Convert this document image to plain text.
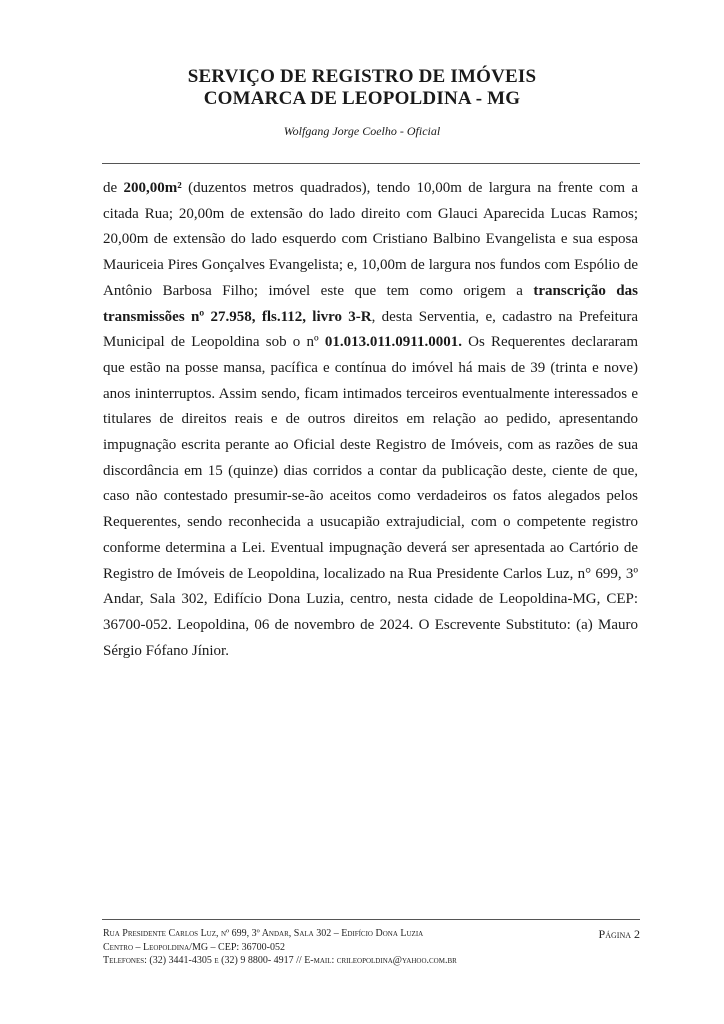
SERVIÇO DE REGISTRO DE IMÓVEIS
COMARCA DE LEOPOLDINA - MG
Wolfgang Jorge Coelho - Oficial

de 200,00m² (duzentos metros quadrados), tendo 10,00m de largura na frente com a citada Rua; 20,00m de extensão do lado direito com Glauci Aparecida Lucas Ramos; 20,00m de extensão do lado esquerdo com Cristiano Balbino Evangelista e sua esposa Mauriceia Pires Gonçalves Evangelista; e, 10,00m de largura nos fundos com Espólio de Antônio Barbosa Filho; imóvel este que tem como origem a transcrição das transmissões nº 27.958, fls.112, livro 3-R, desta Serventia, e, cadastro na Prefeitura Municipal de Leopoldina sob o nº 01.013.011.0911.0001. Os Requerentes declararam que estão na posse mansa, pacífica e contínua do imóvel há mais de 39 (trinta e nove) anos ininterruptos. Assim sendo, ficam intimados terceiros eventualmente interessados e titulares de direitos reais e de outros direitos em relação ao pedido, apresentando impugnação escrita perante ao Oficial deste Registro de Imóveis, com as razões de sua discordância em 15 (quinze) dias corridos a contar da publicação deste, ciente de que, caso não contestado presumir-se-ão aceitos como verdadeiros os fatos alegados pelos Requerentes, sendo reconhecida a usucapião extrajudicial, com o competente registro conforme determina a Lei. Eventual impugnação deverá ser apresentada ao Cartório de Registro de Imóveis de Leopoldina, localizado na Rua Presidente Carlos Luz, n° 699, 3º Andar, Sala 302, Edifício Dona Luzia, centro, nesta cidade de Leopoldina-MG, CEP: 36700-052. Leopoldina, 06 de novembro de 2024. O Escrevente Substituto: (a) Mauro Sérgio Fófano Jínior.

Rua Presidente Carlos Luz, nº 699, 3º Andar, Sala 302 – Edifício Dona Luzia
Centro – Leopoldina/MG – CEP: 36700-052
Telefones: (32) 3441-4305 e (32) 9 8800- 4917 // E-mail: crileopoldina@yahoo.com.br
Página 2
